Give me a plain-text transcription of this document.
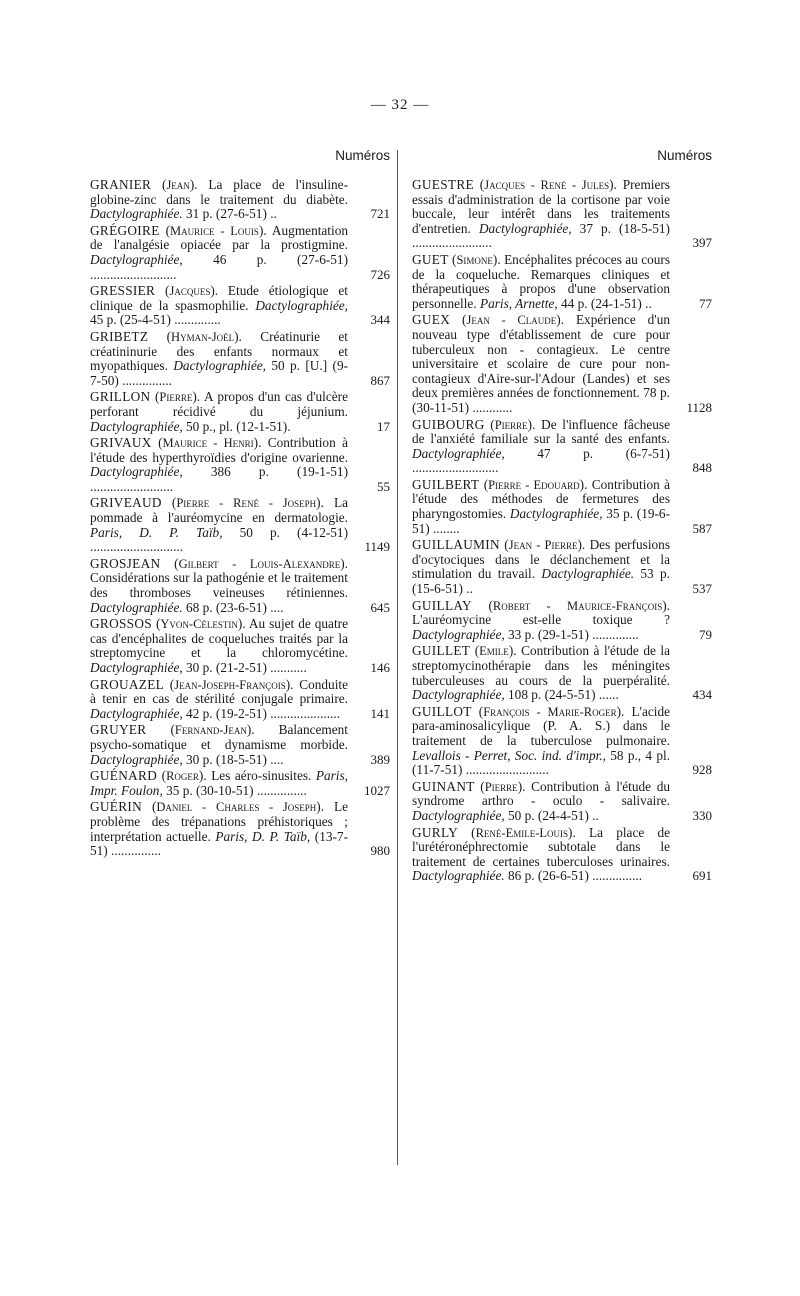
— 32 —
Numéros
GRANIER (Jean). La place de l'insuline-globine-zinc dans le traitement du diabète. Dactylographiée. 31 p. (27-6-51) ..	721
GRÉGOIRE (Maurice - Louis). Augmentation de l'analgésie opiacée par la prostigmine. Dactylographiée, 46 p. (27-6-51) ..........................	726
GRESSIER (Jacques). Etude étiologique et clinique de la spasmophilie. Dactylographiée, 45 p. (25-4-51) ..............	344
GRIBETZ (Hyman-Joël). Créatinurie et créatininurie des enfants normaux et myopathiques. Dactylographiée, 50 p. [U.] (9-7-50) ...............	867
GRILLON (Pierre). A propos d'un cas d'ulcère perforant récidivé du jéjunium. Dactylographiée, 50 p., pl. (12-1-51).	17
GRIVAUX (Maurice - Henri). Contribution à l'étude des hyperthyroïdies d'origine ovarienne. Dactylographiée, 386 p. (19-1-51) .........................	55
GRIVEAUD (Pierre - René - Joseph). La pommade à l'auréomycine en dermatologie. Paris, D. P. Taïb, 50 p. (4-12-51) ............................	1149
GROSJEAN (Gilbert - Louis-Alexandre). Considérations sur la pathogénie et le traitement des thromboses veineuses rétiniennes. Dactylographiée. 68 p. (23-6-51) ....	645
GROSSOS (Yvon-Célestin). Au sujet de quatre cas d'encéphalites de coqueluches traités par la streptomycine et la chloromycétine. Dactylographiée, 30 p. (21-2-51) ...........	146
GROUAZEL (Jean-Joseph-François). Conduite à tenir en cas de stérilité conjugale primaire. Dactylographiée, 42 p. (19-2-51) .....................	141
GRUYER (Fernand-Jean). Balancement psycho-somatique et dynamisme morbide. Dactylographiée, 30 p. (18-5-51) ....	389
GUÉNARD (Roger). Les aéro-sinusites. Paris, Impr. Foulon, 35 p. (30-10-51) ...............	1027
GUÉRIN (Daniel - Charles - Joseph). Le problème des trépanations préhistoriques ; interprétation actuelle. Paris, D. P. Taïb, (13-7-51) ...............	980
Numéros
GUESTRE (Jacques - René - Jules). Premiers essais d'administration de la cortisone par voie buccale, leur intérêt dans les traitements d'entretien. Dactylographiée, 37 p. (18-5-51) ........................	397
GUET (Simone). Encéphalites précoces au cours de la coqueluche. Remarques cliniques et thérapeutiques à propos d'une observation personnelle. Paris, Arnette, 44 p. (24-1-51) ..	77
GUEX (Jean - Claude). Expérience d'un nouveau type d'établissement de cure pour tuberculeux non - contagieux. Le centre universitaire et scolaire de cure pour non-contagieux d'Aire-sur-l'Adour (Landes) et ses deux premières années de fonctionnement. 78 p. (30-11-51) ............	1128
GUIBOURG (Pierre). De l'influence fâcheuse de l'anxiété familiale sur la santé des enfants. Dactylographiée, 47 p. (6-7-51) ..........................	848
GUILBERT (Pierre - Edouard). Contribution à l'étude des méthodes de fermetures des pharyngostomies. Dactylographiée, 35 p. (19-6-51) ........	587
GUILLAUMIN (Jean - Pierre). Des perfusions d'ocytociques dans le déclanchement et la stimulation du travail. Dactylographiée. 53 p. (15-6-51) ..	537
GUILLAY (Robert - Maurice-François). L'auréomycine est-elle toxique ? Dactylographiée, 33 p. (29-1-51) ..............	79
GUILLET (Emile). Contribution à l'étude de la streptomycinothérapie dans les méningites tuberculeuses au cours de la puerpéralité. Dactylographiée, 108 p. (24-5-51) ......	434
GUILLOT (François - Marie-Roger). L'acide para-aminosalicylique (P. A. S.) dans le traitement de la tuberculose pulmonaire. Levallois - Perret, Soc. ind. d'impr., 58 p., 4 pl. (11-7-51) .........................	928
GUINANT (Pierre). Contribution à l'étude du syndrome arthro - oculo - salivaire. Dactylographiée, 50 p. (24-4-51) ..	330
GURLY (René-Emile-Louis). La place de l'urétéronéphrectomie subtotale dans le traitement de certaines tuberculoses urinaires. Dactylographiée. 86 p. (26-6-51) ...............	691
